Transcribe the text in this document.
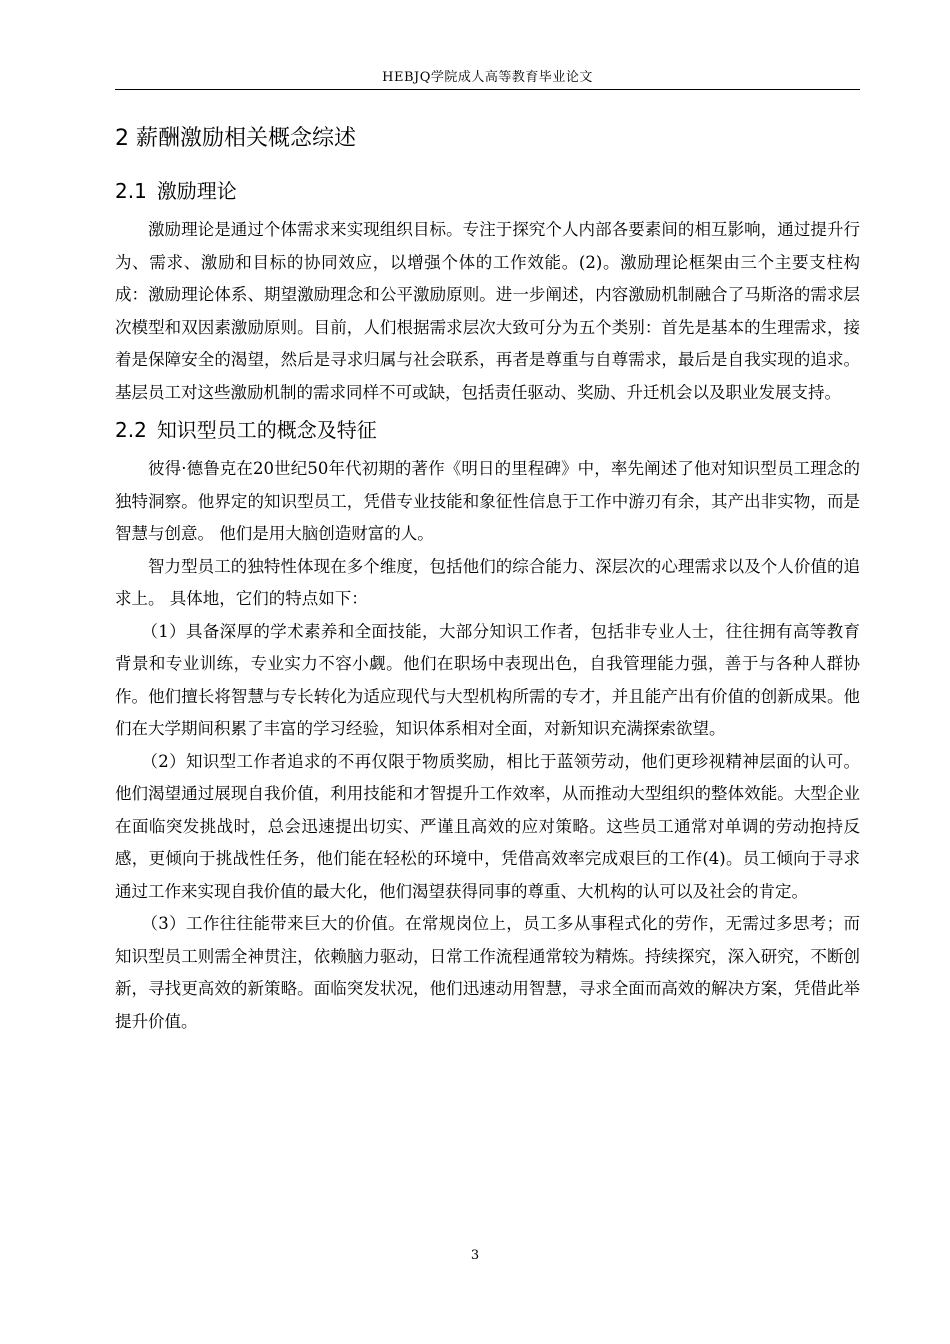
HEBJQ学院成人高等教育毕业论文
2 薪酬激励相关概念综述
2.1 激励理论

激励理论是通过个体需求来实现组织目标。专注于探究个人内部各要素间的相互影响，通过提升行为、需求、激励和目标的协同效应，以增强个体的工作效能。(2)。激励理论框架由三个主要支柱构成：激励理论体系、期望激励理念和公平激励原则。进一步阐述，内容激励机制融合了马斯洛的需求层次模型和双因素激励原则。目前，人们根据需求层次大致可分为五个类别：首先是基本的生理需求，接着是保障安全的渴望，然后是寻求归属与社会联系，再者是尊重与自尊需求，最后是自我实现的追求。基层员工对这些激励机制的需求同样不可或缺，包括责任驱动、奖励、升迁机会以及职业发展支持。

2.2 知识型员工的概念及特征

彼得·德鲁克在20世纪50年代初期的著作《明日的里程碑》中，率先阐述了他对知识型员工理念的独特洞察。他界定的知识型员工，凭借专业技能和象征性信息于工作中游刃有余，其产出非实物，而是智慧与创意。 他们是用大脑创造财富的人。

智力型员工的独特性体现在多个维度，包括他们的综合能力、深层次的心理需求以及个人价值的追求上。 具体地，它们的特点如下：

（1）具备深厚的学术素养和全面技能，大部分知识工作者，包括非专业人士，往往拥有高等教育背景和专业训练，专业实力不容小觑。他们在职场中表现出色，自我管理能力强，善于与各种人群协作。他们擅长将智慧与专长转化为适应现代与大型机构所需的专才，并且能产出有价值的创新成果。他们在大学期间积累了丰富的学习经验，知识体系相对全面，对新知识充满探索欲望。

（2）知识型工作者追求的不再仅限于物质奖励，相比于蓝领劳动，他们更珍视精神层面的认可。他们渴望通过展现自我价值，利用技能和才智提升工作效率，从而推动大型组织的整体效能。大型企业在面临突发挑战时，总会迅速提出切实、严谨且高效的应对策略。这些员工通常对单调的劳动抱持反感，更倾向于挑战性任务，他们能在轻松的环境中，凭借高效率完成艰巨的工作(4)。员工倾向于寻求通过工作来实现自我价值的最大化，他们渴望获得同事的尊重、大机构的认可以及社会的肯定。

（3）工作往往能带来巨大的价值。在常规岗位上，员工多从事程式化的劳作，无需过多思考；而知识型员工则需全神贯注，依赖脑力驱动，日常工作流程通常较为精炼。持续探究，深入研究，不断创新，寻找更高效的新策略。面临突发状况，他们迅速动用智慧，寻求全面而高效的解决方案，凭借此举提升价值。

3
